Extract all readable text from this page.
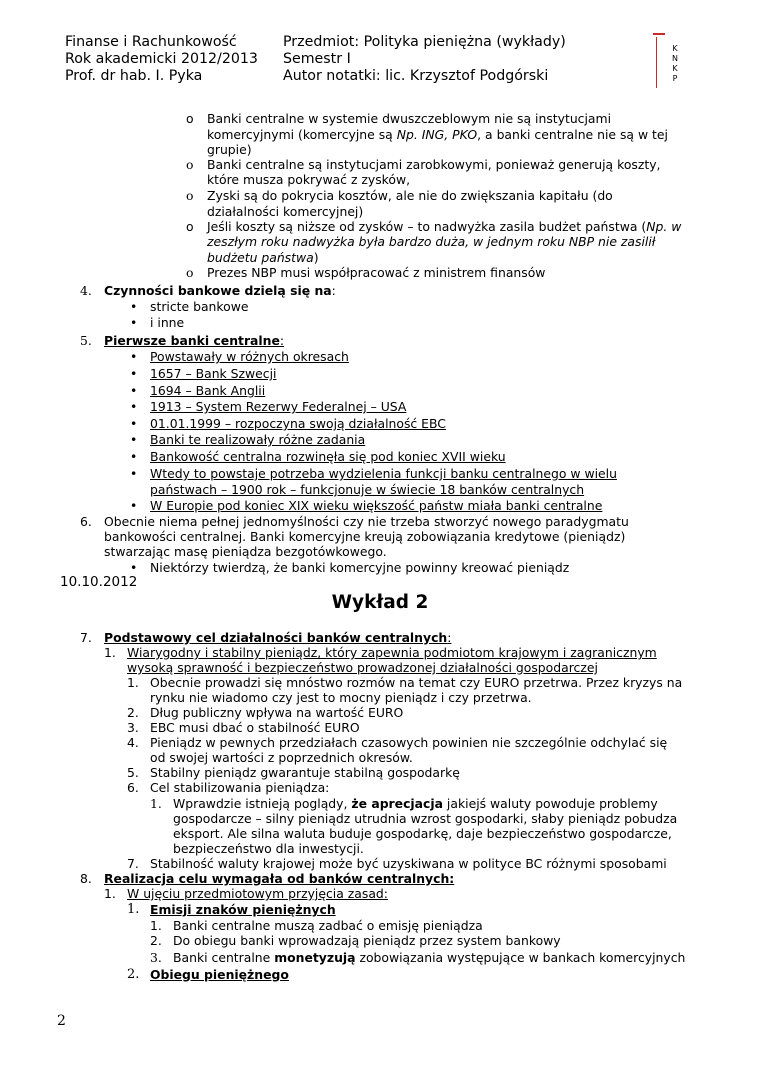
Finanse i Rachunkowość
Rok akademicki 2012/2013
Prof. dr hab. I. Pyka
Przedmiot: Polityka pieniężna (wykłady)
Semestr I
Autor notatki: lic. Krzysztof Podgórski
K
N
K
P
o Banki centralne w systemie dwuszczeblowym nie są instytucjami
komercyjnymi (komercyjne są Np. ING, PKO, a banki centralne nie są w tej
grupie)
o Banki centralne są instytucjami zarobkowymi, ponieważ generują koszty,
które musza pokrywać z zysków,
o Zyski są do pokrycia kosztów, ale nie do zwiększania kapitału (do
działalności komercyjnej)
o Jeśli koszty są niższe od zysków – to nadwyżka zasila budżet państwa (Np. w
zeszłym roku nadwyżka była bardzo duża, w jednym roku NBP nie zasilił
budżetu państwa)
o Prezes NBP musi współpracować z ministrem finansów
4. Czynności bankowe dzielą się na:
• stricte bankowe
• i inne
5. Pierwsze banki centralne:
• Powstawały w różnych okresach
• 1657 – Bank Szwecji
• 1694 – Bank Anglii
• 1913 – System Rezerwy Federalnej – USA
• 01.01.1999 – rozpoczyna swoją działalność EBC
• Banki te realizowały różne zadania
• Bankowość centralna rozwinęła się pod koniec XVII wieku
• Wtedy to powstaje potrzeba wydzielenia funkcji banku centralnego w wielu
państwach – 1900 rok – funkcjonuje w świecie 18 banków centralnych
• W Europie pod koniec XIX wieku większość państw miała banki centralne
6. Obecnie niema pełnej jednomyślności czy nie trzeba stworzyć nowego paradygmatu
bankowości centralnej. Banki komercyjne kreują zobowiązania kredytowe (pieniądz)
stwarzając masę pieniądza bezgotówkowego.
• Niektórzy twierdzą, że banki komercyjne powinny kreować pieniądz
10.10.2012
Wykład 2
7. Podstawowy cel działalności banków centralnych:
1. Wiarygodny i stabilny pieniądz, który zapewnia podmiotom krajowym i zagranicznym
wysoką sprawność i bezpieczeństwo prowadzonej działalności gospodarczej
1. Obecnie prowadzi się mnóstwo rozmów na temat czy EURO przetrwa. Przez kryzys na
rynku nie wiadomo czy jest to mocny pieniądz i czy przetrwa.
2. Dług publiczny wpływa na wartość EURO
3. EBC musi dbać o stabilność EURO
4. Pieniądz w pewnych przedziałach czasowych powinien nie szczególnie odchylać się
od swojej wartości z poprzednich okresów.
5. Stabilny pieniądz gwarantuje stabilną gospodarkę
6. Cel stabilizowania pieniądza:
1. Wprawdzie istnieją poglądy, że aprecjacja jakiejś waluty powoduje problemy
gospodarcze – silny pieniądz utrudnia wzrost gospodarki, słaby pieniądz pobudza
eksport. Ale silna waluta buduje gospodarkę, daje bezpieczeństwo gospodarcze,
bezpieczeństwo dla inwestycji.
7. Stabilność waluty krajowej może być uzyskiwana w polityce BC różnymi sposobami
8. Realizacja celu wymagała od banków centralnych:
1. W ujęciu przedmiotowym przyjęcia zasad:
1. Emisji znaków pieniężnych
1. Banki centralne muszą zadbać o emisję pieniądza
2. Do obiegu banki wprowadzają pieniądz przez system bankowy
3. Banki centralne monetyzują zobowiązania występujące w bankach komercyjnych
2. Obiegu pieniężnego
2
